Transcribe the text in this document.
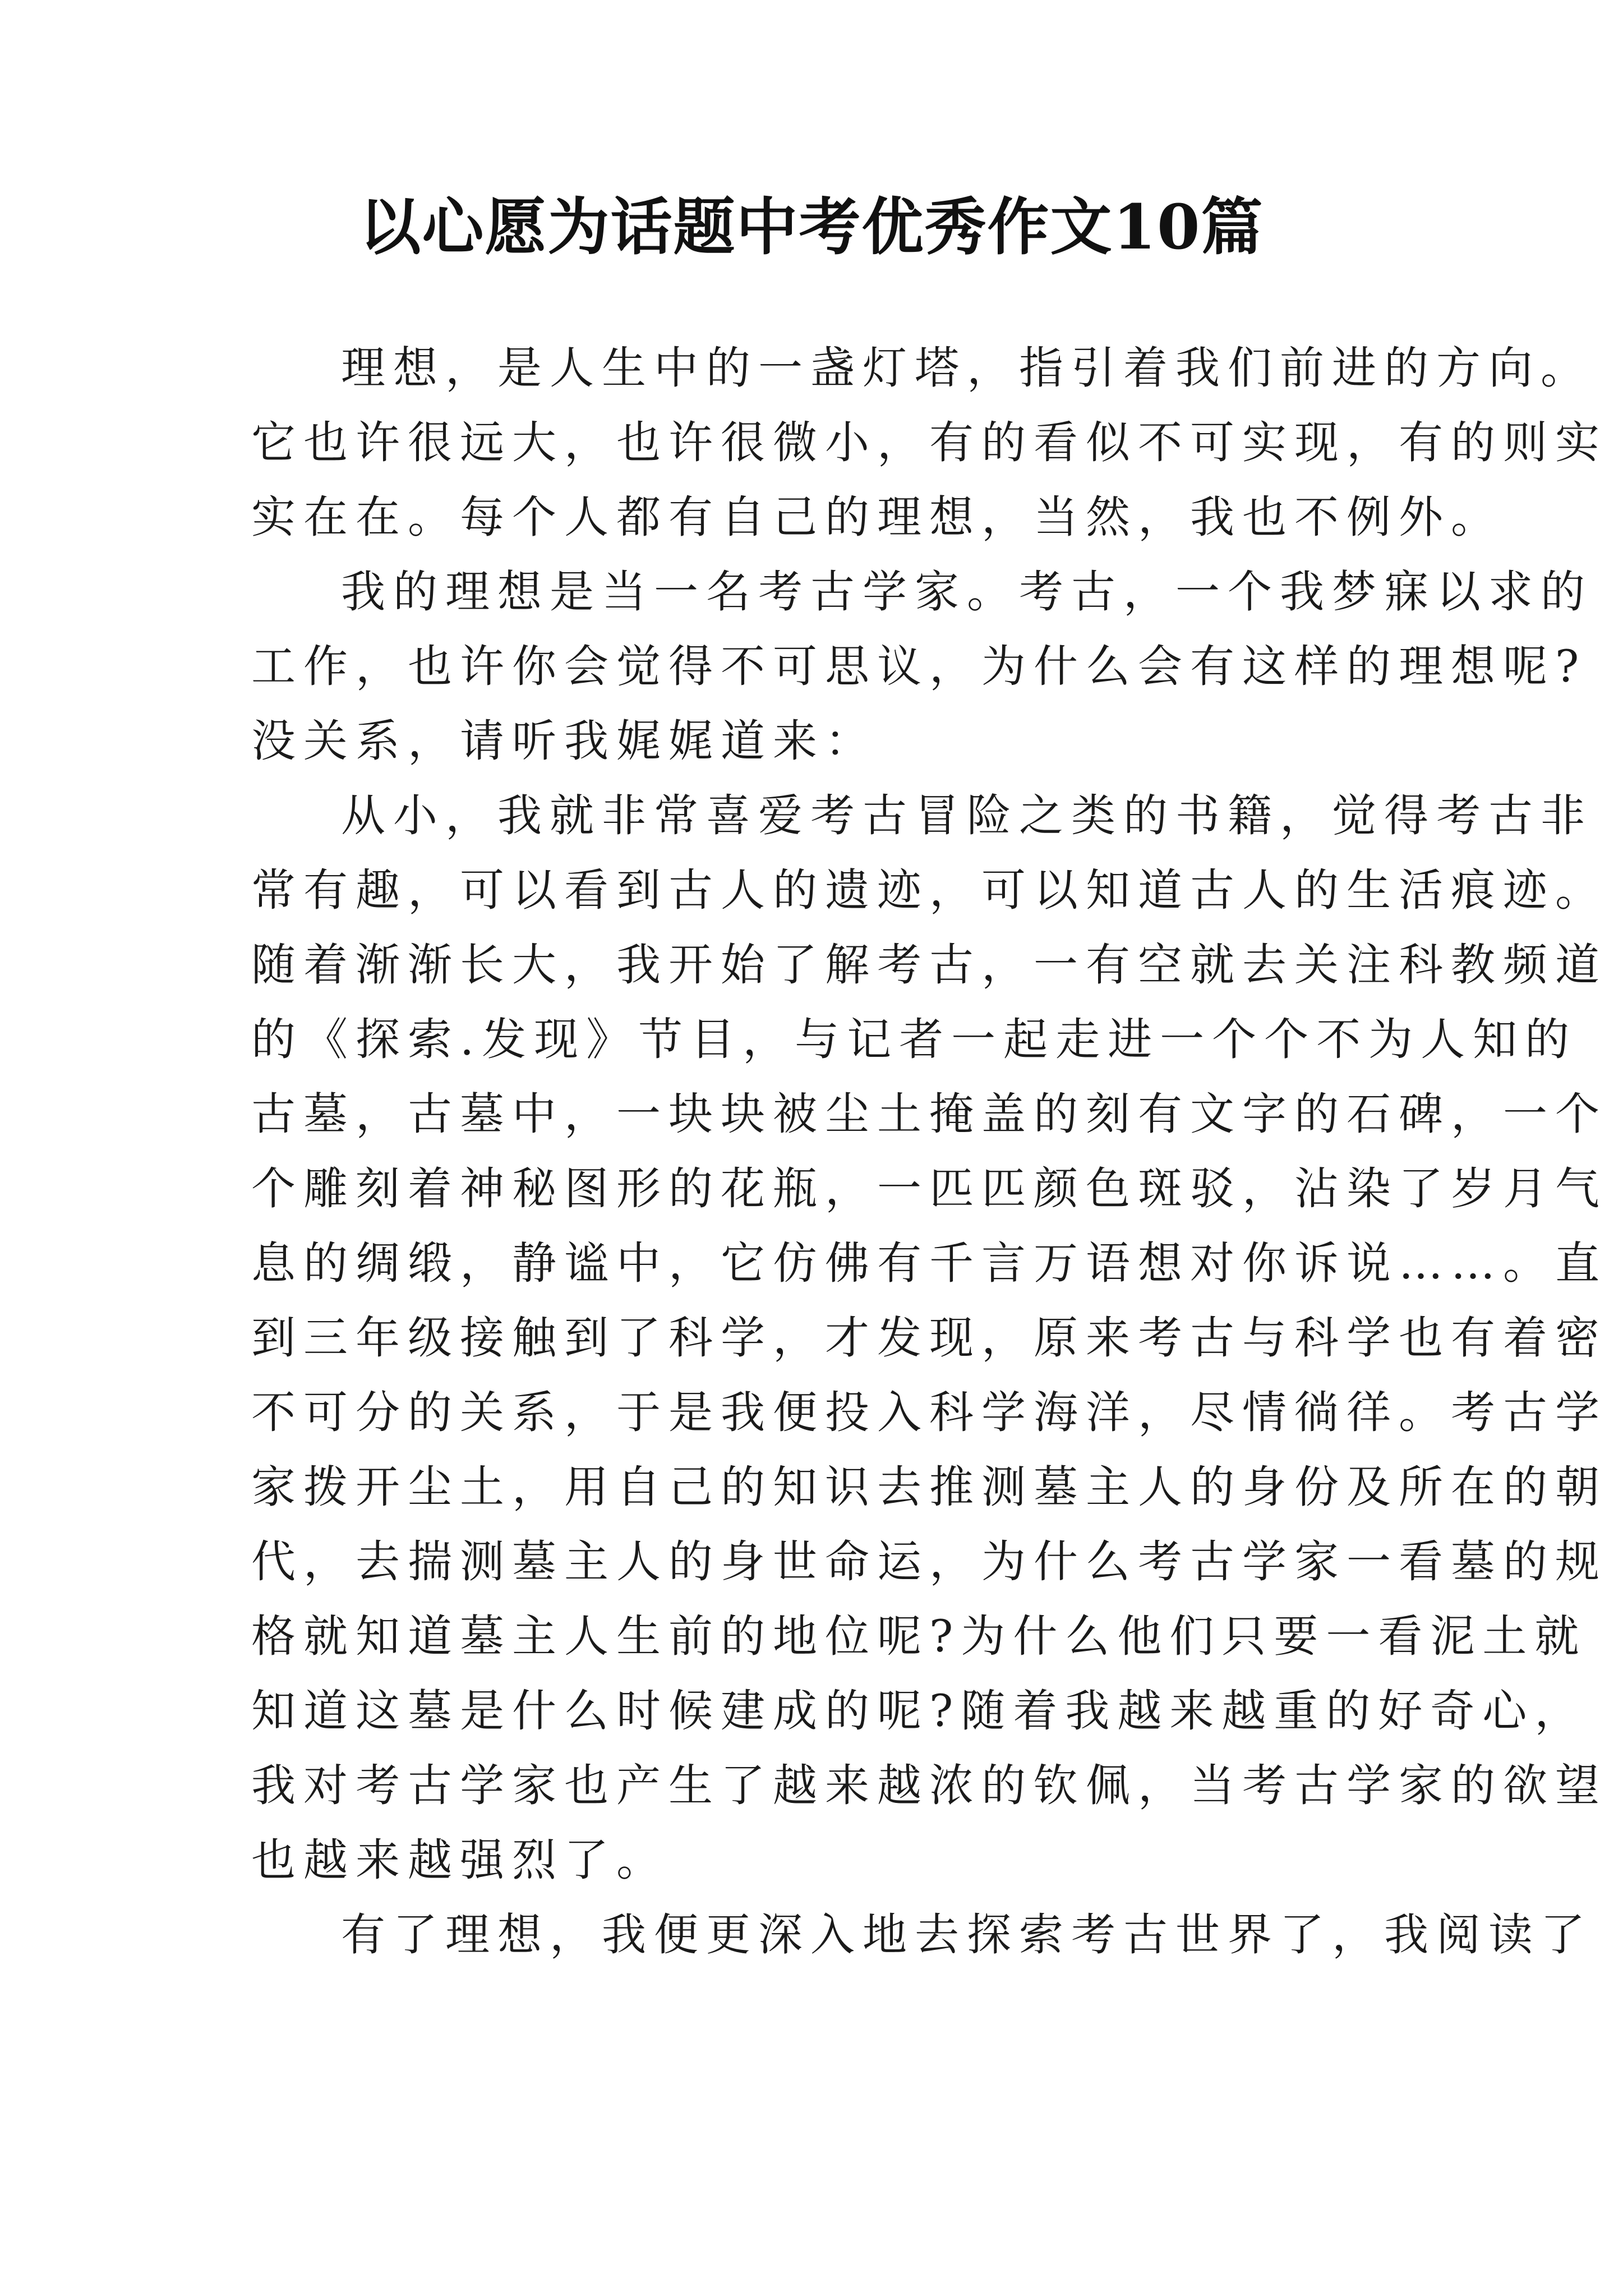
以心愿为话题中考优秀作文10篇
理想，是人生中的一盏灯塔，指引着我们前进的方向。
它也许很远大，也许很微小，有的看似不可实现，有的则实
实在在。每个人都有自己的理想，当然，我也不例外。
我的理想是当一名考古学家。考古，一个我梦寐以求的
工作，也许你会觉得不可思议，为什么会有这样的理想呢?
没关系，请听我娓娓道来：
从小，我就非常喜爱考古冒险之类的书籍，觉得考古非
常有趣，可以看到古人的遗迹，可以知道古人的生活痕迹。
随着渐渐长大，我开始了解考古，一有空就去关注科教频道
的《探索.发现》节目，与记者一起走进一个个不为人知的
古墓，古墓中，一块块被尘土掩盖的刻有文字的石碑，一个
个雕刻着神秘图形的花瓶，一匹匹颜色斑驳，沾染了岁月气
息的绸缎，静谧中，它仿佛有千言万语想对你诉说……。直
到三年级接触到了科学，才发现，原来考古与科学也有着密
不可分的关系，于是我便投入科学海洋，尽情徜徉。考古学
家拨开尘土，用自己的知识去推测墓主人的身份及所在的朝
代，去揣测墓主人的身世命运，为什么考古学家一看墓的规
格就知道墓主人生前的地位呢?为什么他们只要一看泥土就
知道这墓是什么时候建成的呢?随着我越来越重的好奇心，
我对考古学家也产生了越来越浓的钦佩，当考古学家的欲望
也越来越强烈了。
有了理想，我便更深入地去探索考古世界了，我阅读了
